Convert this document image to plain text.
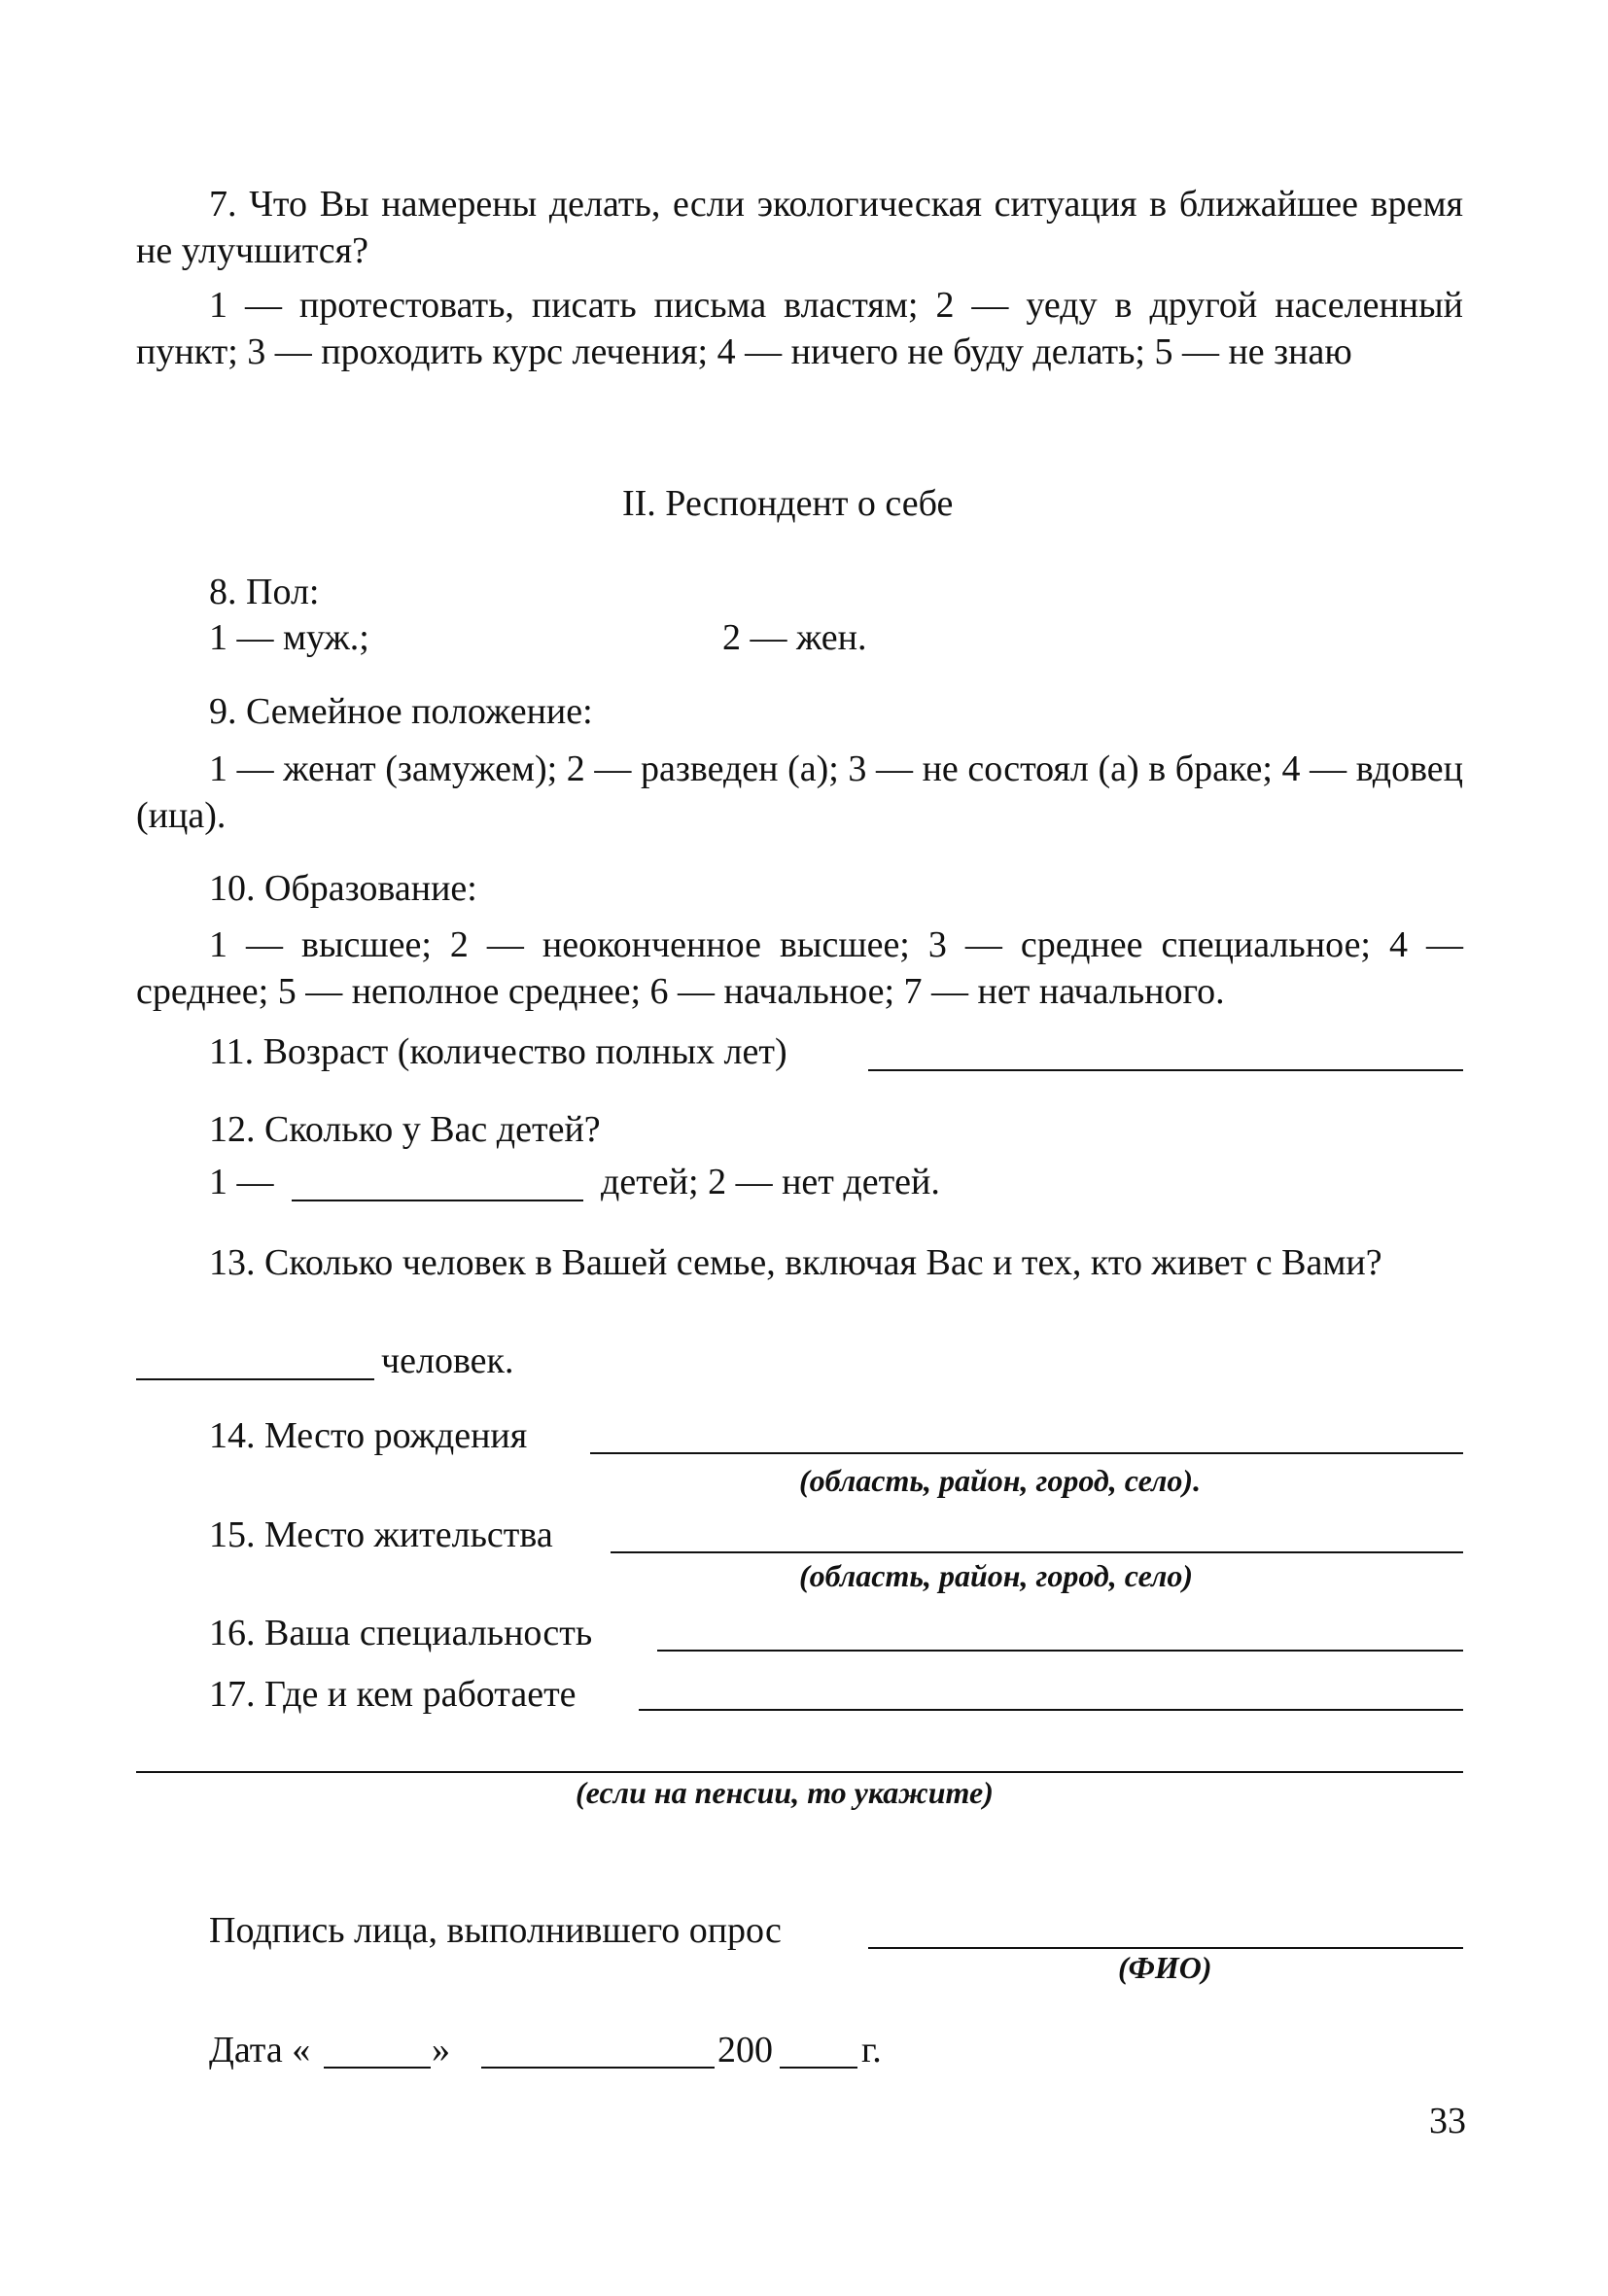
7. Что Вы намерены делать, если экологическая ситуация в ближайшее время не улучшится?
1 — протестовать, писать письма властям; 2 — уеду в другой населенный пункт; 3 — проходить курс лечения; 4 — ничего не буду делать; 5 — не знаю
II. Респондент о себе
8. Пол:
1 — муж.;	2 — жен.
9. Семейное положение:
1 — женат (замужем); 2 — разведен (а); 3 — не состоял (а) в браке; 4 — вдовец (ица).
10. Образование:
1 — высшее; 2 — неоконченное высшее; 3 — среднее специальное; 4 — среднее; 5 — неполное среднее; 6 — начальное; 7 — нет начального.
11. Возраст (количество полных лет)
12. Сколько у Вас детей?
1 —	детей; 2 — нет детей.
13. Сколько человек в Вашей семье, включая Вас и тех, кто живет с Вами?
человек.
14. Место рождения
(область, район, город, село).
15. Место жительства
(область, район, город, село)
16. Ваша специальность
17. Где и кем работаете
(если на пенсии, то укажите)
Подпись лица, выполнившего опрос
(ФИО)
Дата «	»	200 г.
33
